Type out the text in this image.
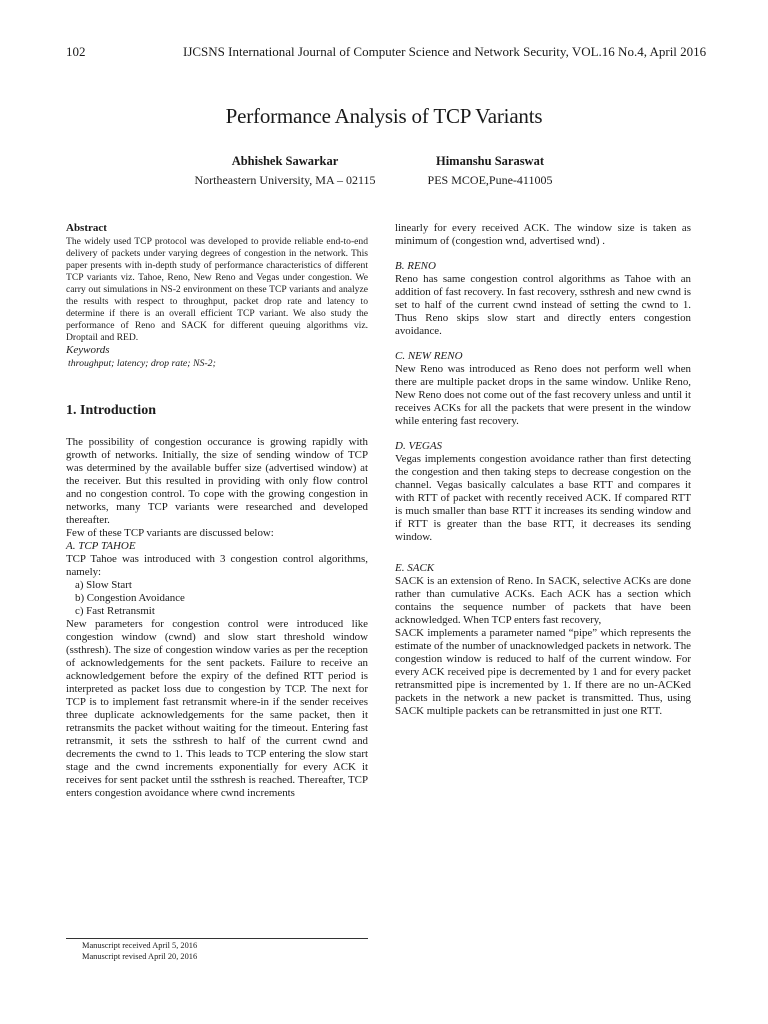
102	IJCSNS International Journal of Computer Science and Network Security, VOL.16 No.4, April 2016
Performance Analysis of TCP Variants
Abhishek Sawarkar
Northeastern University, MA – 02115
Himanshu Saraswat
PES MCOE,Pune-411005
Abstract

The widely used TCP protocol was developed to provide reliable end-to-end delivery of packets under varying degrees of congestion in the network. This paper presents with in-depth study of performance characteristics of different TCP variants viz. Tahoe, Reno, New Reno and Vegas under congestion. We carry out simulations in NS-2 environment on these TCP variants and analyze the results with respect to throughput, packet drop rate and latency to determine if there is an overall efficient TCP variant. We also study the performance of Reno and SACK for different queuing algorithms viz. Droptail and RED.

Keywords
throughput; latency; drop rate; NS-2;
1. Introduction

The possibility of congestion occurance is growing rapidly with growth of networks. Initially, the size of sending window of TCP was determined by the available buffer size (advertised window) at the receiver. But this resulted in providing with only flow control and no congestion control. To cope with the growing congestion in networks, many TCP variants were researched and developed thereafter.

Few of these TCP variants are discussed below:

A. TCP TAHOE

TCP Tahoe was introduced with 3 congestion control algorithms, namely:

a) Slow Start

b) Congestion Avoidance

c) Fast Retransmit

New parameters for congestion control were introduced like congestion window (cwnd) and slow start threshold window (ssthresh). The size of congestion window varies as per the reception of acknowledgements for the sent packets. Failure to receive an acknowledgement before the expiry of the defined RTT period is interpreted as packet loss due to congestion by TCP. The next for TCP is to implement fast retransmit where-in if the sender receives three duplicate acknowledgements for the same packet, then it retransmits the packet without waiting for the timeout. Entering fast retransmit, it sets the ssthresh to half of the current cwnd and decrements the cwnd to 1. This leads to TCP entering the slow start stage and the cwnd increments exponentially for every ACK it receives for sent packet until the ssthresh is reached. Thereafter, TCP enters congestion avoidance where cwnd increments

linearly for every received ACK. The window size is taken as minimum of (congestion wnd, advertised wnd) .

B. RENO

Reno has same congestion control algorithms as Tahoe with an addition of fast recovery. In fast recovery, ssthresh and new cwnd is set to half of the current cwnd instead of setting the cwnd to 1. Thus Reno skips slow start and directly enters congestion avoidance.

C. NEW RENO

New Reno was introduced as Reno does not perform well when there are multiple packet drops in the same window. Unlike Reno, New Reno does not come out of the fast recovery unless and until it receives ACKs for all the packets that were present in the window while entering fast recovery.

D. VEGAS

Vegas implements congestion avoidance rather than first detecting the congestion and then taking steps to decrease congestion on the channel. Vegas basically calculates a base RTT and compares it with RTT of packet with recently received ACK. If compared RTT is much smaller than base RTT it increases its sending window and if RTT is greater than the base RTT, it decreases its sending window.

E. SACK

SACK is an extension of Reno. In SACK, selective ACKs are done rather than cumulative ACKs. Each ACK has a section which contains the sequence number of packets that have been acknowledged. When TCP enters fast recovery,

SACK implements a parameter named “pipe” which represents the estimate of the number of unacknowledged packets in network. The congestion window is reduced to half of the current window. For every ACK received pipe is decremented by 1 and for every packet retransmitted pipe is incremented by 1. If there are no un-ACKed packets in the network a new packet is transmitted. Thus, using SACK multiple packets can be retransmitted in just one RTT.

Manuscript received April 5, 2016
Manuscript revised April 20, 2016
